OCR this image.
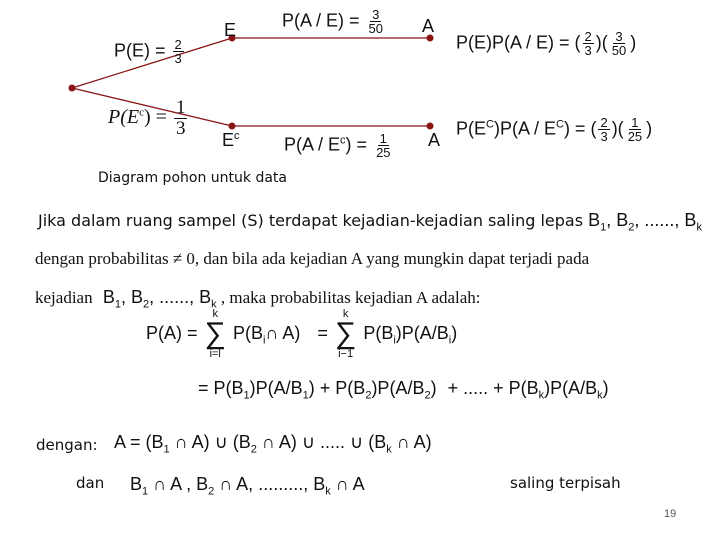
E
$E^c$
A
A
$P(E) = \frac{2}{3}$
$P(E^c) = \frac{1}{3}$
$P(A / E) = \frac{3}{50}$
$P(A / E^c) = \frac{1}{25}$
P(E)P(A / E) = ( $\frac{2}{3}$ )( $\frac{3}{50}$ )
$P(E^C)P(A / E^C)$ = ( $\frac{2}{3}$ )( $\frac{1}{25}$ )
Diagram pohon untuk data
Jika dalam ruang sampel (S) terdapat kejadian-kejadian saling lepas $B_1$, $B_2$, ......, $B_k$
dengan probabilitas ≠ 0, dan bila ada kejadian A yang mungkin dapat terjadi pada
kejadian $B_1$, $B_2$, ......, $B_k$ , maka probabilitas kejadian A adalah:
P(A) =
k
∑
i=l
$P(B_i\cap$ A) =
k
∑
i−1
$P(B_i)P(A/B_i)$
= $P(B_1)P(A/B_1) + P(B_2)P(A/B_2)$ + ..... + $P(B_k)P(A/B_k)$
dengan: $A = (B_1$ ∩ A) ∪ ($B_2$ ∩ A) ∪ ..... ∪ ($B_k$ ∩ A)
dan $B_1$ ∩ A , $B_2$ ∩ A, ........., $B_k$ ∩ A	saling terpisah
19
